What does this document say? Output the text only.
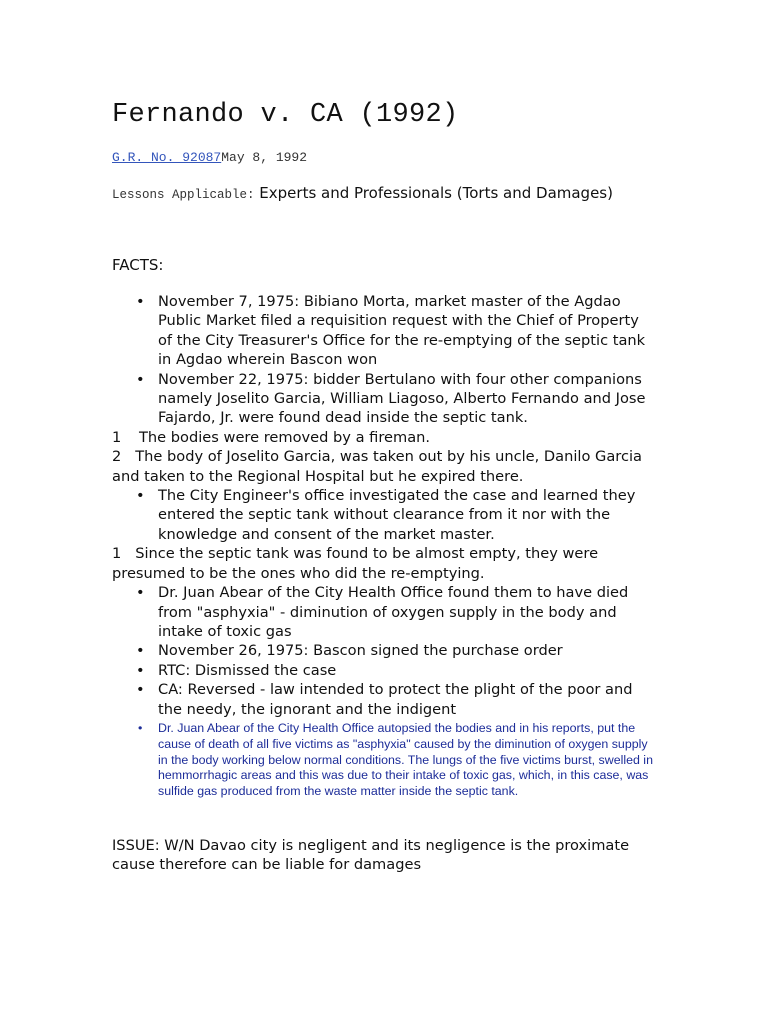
Fernando v. CA (1992)
G.R. No. 92087May 8, 1992
Lessons Applicable: Experts and Professionals (Torts and Damages)
FACTS:
• November 7, 1975: Bibiano Morta, market master of the Agdao Public Market filed a requisition request with the Chief of Property of the City Treasurer's Office for the re-emptying of the septic tank in Agdao wherein Bascon won
• November 22, 1975: bidder Bertulano with four other companions namely Joselito Garcia, William Liagoso, Alberto Fernando and Jose Fajardo, Jr. were found dead inside the septic tank.
1	The bodies were removed by a fireman.
2 The body of Joselito Garcia, was taken out by his uncle, Danilo Garcia and taken to the Regional Hospital but he expired there.
• The City Engineer's office investigated the case and learned they entered the septic tank without clearance from it nor with the knowledge and consent of the market master.
1 Since the septic tank was found to be almost empty, they were presumed to be the ones who did the re-emptying.
• Dr. Juan Abear of the City Health Office found them to have died from "asphyxia" - diminution of oxygen supply in the body and intake of toxic gas
• November 26, 1975: Bascon signed the purchase order
• RTC: Dismissed the case
• CA: Reversed - law intended to protect the plight of the poor and the needy, the ignorant and the indigent
• Dr. Juan Abear of the City Health Office autopsied the bodies and in his reports, put the cause of death of all five victims as "asphyxia" caused by the diminution of oxygen supply in the body working below normal conditions. The lungs of the five victims burst, swelled in hemmorrhagic areas and this was due to their intake of toxic gas, which, in this case, was sulfide gas produced from the waste matter inside the septic tank.
ISSUE: W/N Davao city is negligent and its negligence is the proximate cause therefore can be liable for damages
